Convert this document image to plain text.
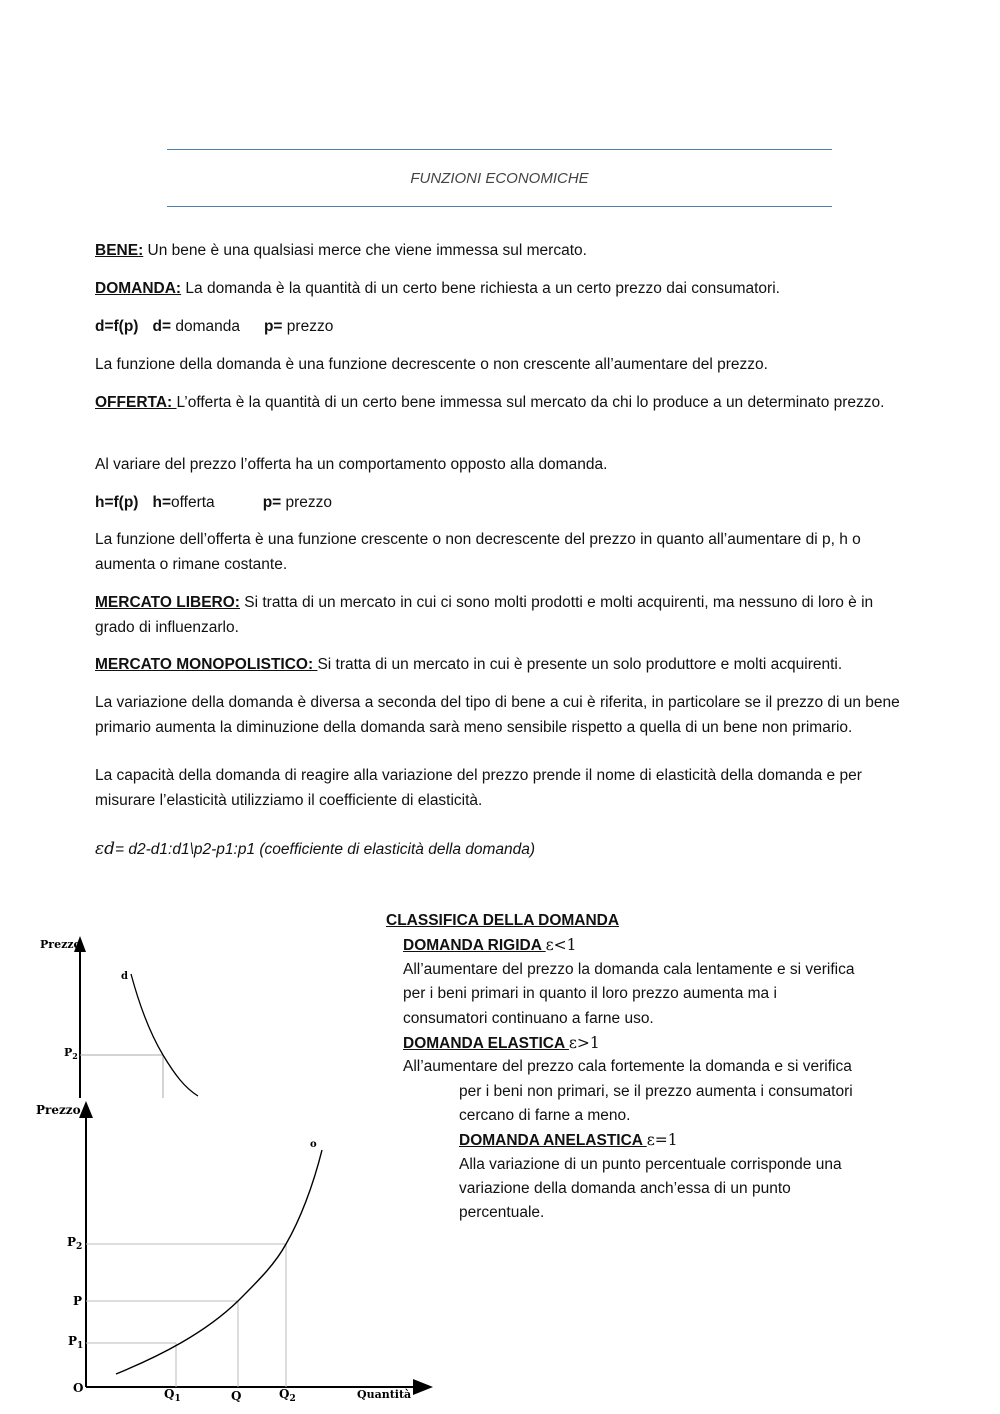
FUNZIONI ECONOMICHE
BENE: Un bene è una qualsiasi merce che viene immessa sul mercato.
DOMANDA: La domanda è la quantità di un certo bene richiesta a un certo prezzo dai consumatori.
d=f(p) d= domanda p= prezzo
La funzione della domanda è una funzione decrescente o non crescente all’aumentare del prezzo.
OFFERTA: L’offerta è la quantità di un certo bene immessa sul mercato da chi lo produce a un determinato prezzo.
Al variare del prezzo l’offerta ha un comportamento opposto alla domanda.
h=f(p) h=offerta	p= prezzo
La funzione dell’offerta è una funzione crescente o non decrescente del prezzo in quanto all’aumentare di p, h o aumenta o rimane costante.
MERCATO LIBERO: Si tratta di un mercato in cui ci sono molti prodotti e molti acquirenti, ma nessuno di loro è in grado di influenzarlo.
MERCATO MONOPOLISTICO: Si tratta di un mercato in cui è presente un solo produttore e molti acquirenti.
La variazione della domanda è diversa a seconda del tipo di bene a cui è riferita, in particolare se il prezzo di un bene primario aumenta la diminuzione della domanda sarà meno sensibile rispetto a quella di un bene non primario.
La capacità della domanda di reagire alla variazione del prezzo prende il nome di elasticità della domanda e per misurare l’elasticità utilizziamo il coefficiente di elasticità.
εd= d2-d1:d1\p2-p1:p1 (coefficiente di elasticità della domanda)
CLASSIFICA DELLA DOMANDA
DOMANDA RIGIDA ε<1
All’aumentare del prezzo la domanda cala lentamente e si verifica
per i beni primari in quanto il loro prezzo aumenta ma i
consumatori continuano a farne uso.
DOMANDA ELASTICA ε>1
All’aumentare del prezzo cala fortemente la domanda e si verifica
per i beni non primari, se il prezzo aumenta i consumatori
cercano di farne a meno.
DOMANDA ANELASTICA ε=1
Alla variazione di un punto percentuale corrisponde una
variazione della domanda anch’essa di un punto
percentuale.
Prezzo
d
$P_2$
Prezzo
Quantità
o
O
$P_2$
P
$P_1$
$Q_1$	Q	$Q_2$
